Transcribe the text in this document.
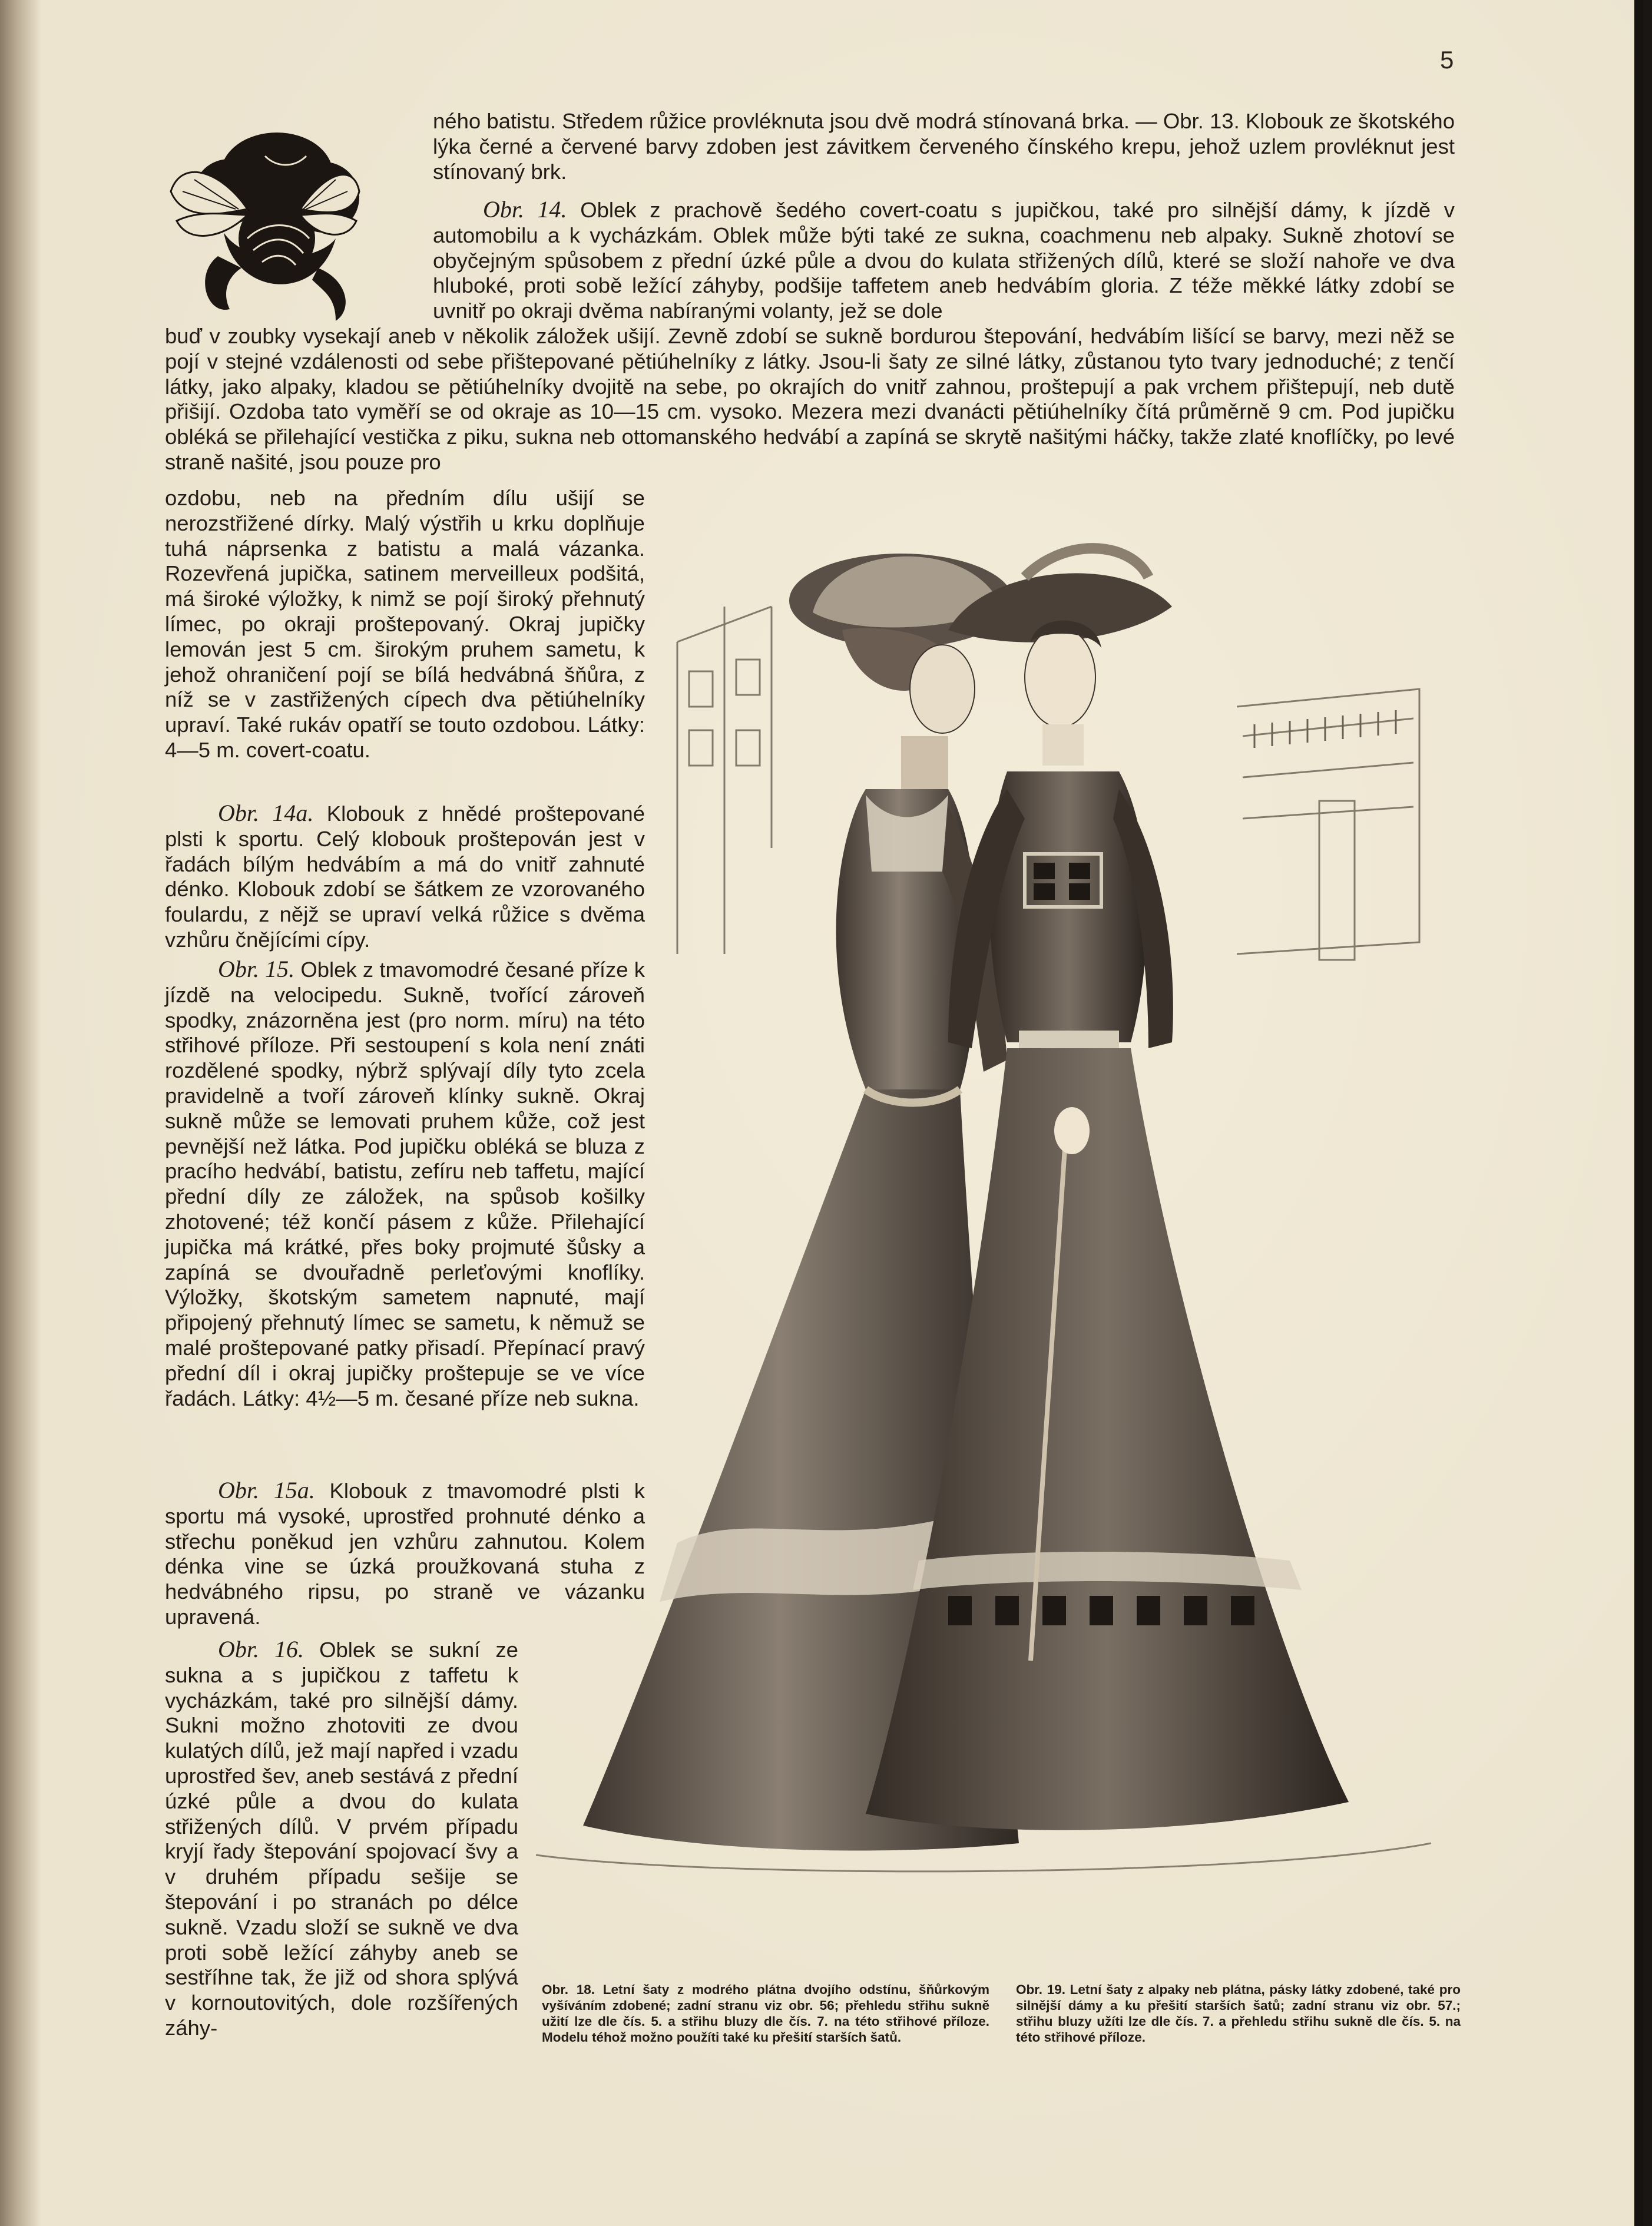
5
ného batistu. Středem růžice provléknuta jsou dvě modrá stínovaná brka. — Obr. 13. Klobouk ze škotského lýka černé a červené barvy zdoben jest závitkem červeného čínského krepu, jehož uzlem provléknut jest stínovaný brk.
Obr. 14. Oblek z prachově šedého covert-coatu s jupičkou, také pro silnější dámy, k jízdě v automobilu a k vycházkám. Oblek může býti také ze sukna, coachmenu neb alpaky. Sukně zhotoví se obyčejným spůsobem z přední úzké půle a dvou do kulata střižených dílů, které se složí nahoře ve dva hluboké, proti sobě ležící záhyby, podšije taffetem aneb hedvábím gloria. Z téže měkké látky zdobí se uvnitř po okraji dvěma nabíranými volanty, jež se dole
buď v zoubky vysekají aneb v několik záložek ušijí. Zevně zdobí se sukně bordurou štepování, hedvábím lišící se barvy, mezi něž se pojí v stejné vzdálenosti od sebe přištepované pětiúhelníky z látky. Jsou-li šaty ze silné látky, zůstanou tyto tvary jednoduché; z tenčí látky, jako alpaky, kladou se pětiúhelníky dvojitě na sebe, po okrajích do vnitř zahnou, proštepují a pak vrchem přištepují, neb dutě přišijí. Ozdoba tato vyměří se od okraje as 10—15 cm. vysoko. Mezera mezi dvanácti pětiúhelníky čítá průměrně 9 cm. Pod jupičku obléká se přilehající vestička z piku, sukna neb ottomanského hedvábí a zapíná se skrytě našitými háčky, takže zlaté knoflíčky, po levé straně našité, jsou pouze pro
ozdobu, neb na předním dílu ušijí se nerozstřižené dírky. Malý výstřih u krku doplňuje tuhá náprsenka z batistu a malá vázanka. Rozevřená jupička, satinem merveilleux podšitá, má široké výložky, k nimž se pojí široký přehnutý límec, po okraji proštepovaný. Okraj jupičky lemován jest 5 cm. širokým pruhem sametu, k jehož ohraničení pojí se bílá hedvábná šňůra, z níž se v zastřižených cípech dva pětiúhelníky upraví. Také rukáv opatří se touto ozdobou. Látky: 4—5 m. covert-coatu.
Obr. 14a. Klobouk z hnědé proštepované plsti k sportu. Celý klobouk proštepován jest v řadách bílým hedvábím a má do vnitř zahnuté dénko. Klobouk zdobí se šátkem ze vzorovaného foulardu, z nějž se upraví velká růžice s dvěma vzhůru čnějícími cípy.
Obr. 15. Oblek z tmavomodré česané příze k jízdě na velocipedu. Sukně, tvořící zároveň spodky, znázorněna jest (pro norm. míru) na této střihové příloze. Při sestoupení s kola není znáti rozdělené spodky, nýbrž splývají díly tyto zcela pravidelně a tvoří zároveň klínky sukně. Okraj sukně může se lemovati pruhem kůže, což jest pevnější než látka. Pod jupičku obléká se bluza z pracího hedvábí, batistu, zefíru neb taffetu, mající přední díly ze záložek, na spůsob košilky zhotovené; též končí pásem z kůže. Přilehající jupička má krátké, přes boky projmuté šůsky a zapíná se dvouřadně perleťovými knoflíky. Výložky, škotským sametem napnuté, mají připojený přehnutý límec se sametu, k němuž se malé proštepované patky přisadí. Přepínací pravý přední díl i okraj jupičky proštepuje se ve více řadách. Látky: 4½—5 m. česané příze neb sukna.
Obr. 15a. Klobouk z tmavomodré plsti k sportu má vysoké, uprostřed prohnuté dénko a střechu poněkud jen vzhůru zahnutou. Kolem dénka vine se úzká proužkovaná stuha z hedvábného ripsu, po straně ve vázanku upravená.
Obr. 16. Oblek se sukní ze sukna a s jupičkou z taffetu k vycházkám, také pro silnější dámy. Sukni možno zhotoviti ze dvou kulatých dílů, jež mají napřed i vzadu uprostřed šev, aneb sestává z přední úzké půle a dvou do kulata střižených dílů. V prvém případu kryjí řady štepování spojovací švy a v druhém případu sešije se štepování i po stranách po délce sukně. Vzadu složí se sukně ve dva proti sobě ležící záhyby aneb se sestříhne tak, že již od shora splývá v kornoutovitých, dole rozšířených záhy-

Obr. 18. Letní šaty z modrého plátna dvojího odstínu, šňůrkovým vyšíváním zdobené; zadní stranu viz obr. 56; přehledu střihu sukně užití lze dle čís. 5. a střihu bluzy dle čís. 7. na této střihové příloze. Modelu téhož možno použíti také ku přešití starších šatů.

Obr. 19. Letní šaty z alpaky neb plátna, pásky látky zdobené, také pro silnější dámy a ku přešití starších šatů; zadní stranu viz obr. 57.; střihu bluzy užíti lze dle čís. 7. a přehledu střihu sukně dle čís. 5. na této střihové příloze.
